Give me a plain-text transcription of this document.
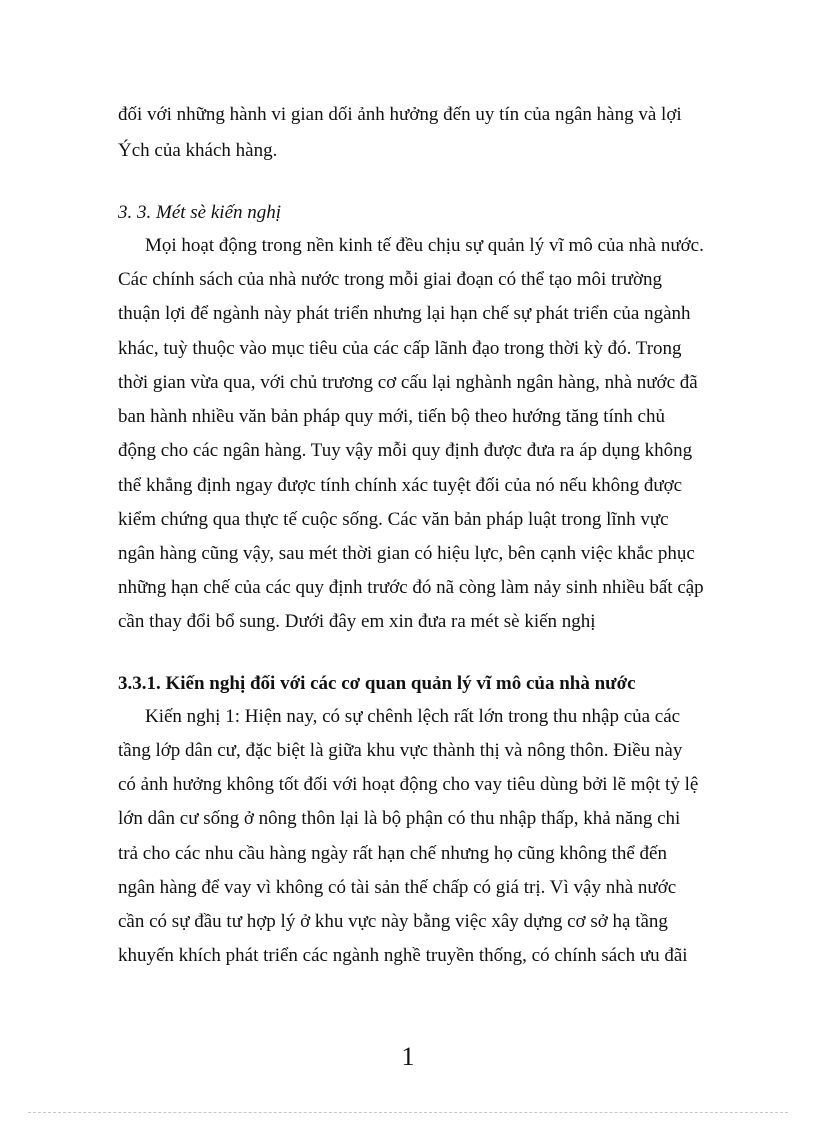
đối với những hành vi gian dối ảnh hưởng đến uy tín của ngân hàng và lợi
Ých của khách hàng.
3. 3. Mét sè kiến nghị
Mọi hoạt động trong nền kinh tế đều chịu sự quản lý vĩ mô của nhà nước.
Các chính sách của nhà nước trong mỗi giai đoạn có thể tạo môi trường
thuận lợi để ngành này phát triển nhưng lại hạn chế sự phát triển của ngành
khác, tuỳ thuộc vào mục tiêu của các cấp lãnh đạo trong thời kỳ đó. Trong
thời gian vừa qua, với chủ trương cơ cấu lại nghành ngân hàng, nhà nước đã
ban hành nhiều văn bản pháp quy mới, tiến bộ theo hướng tăng tính chủ
động cho các ngân hàng. Tuy vậy mỗi quy định được đưa ra áp dụng không
thể khẳng định ngay được tính chính xác tuyệt đối của nó nếu không được
kiểm chứng qua thực tế cuộc sống. Các văn bản pháp luật trong lĩnh vực
ngân hàng cũng vậy, sau mét thời gian có hiệu lực, bên cạnh việc khắc phục
những hạn chế của các quy định trước đó nã còng làm nảy sinh nhiều bất cập
cần thay đổi bổ sung. Dưới đây em xin đưa ra mét sè kiến nghị
3.3.1. Kiến nghị đối với các cơ quan quản lý vĩ mô của nhà nước
Kiến nghị 1: Hiện nay, có sự chênh lệch rất lớn trong thu nhập của các
tầng lớp dân cư, đặc biệt là giữa khu vực thành thị và nông thôn. Điều này
có ảnh hưởng không tốt đối với hoạt động cho vay tiêu dùng bởi lẽ một tỷ lệ
lớn dân cư sống ở nông thôn lại là bộ phận có thu nhập thấp, khả năng chi
trả cho các nhu cầu hàng ngày rất hạn chế nhưng họ cũng không thể đến
ngân hàng để vay vì không có tài sản thế chấp có giá trị. Vì vậy nhà nước
cần có sự đầu tư hợp lý ở khu vực này bằng việc xây dựng cơ sở hạ tầng
khuyến khích phát triển các ngành nghề truyền thống, có chính sách ưu đãi
1
